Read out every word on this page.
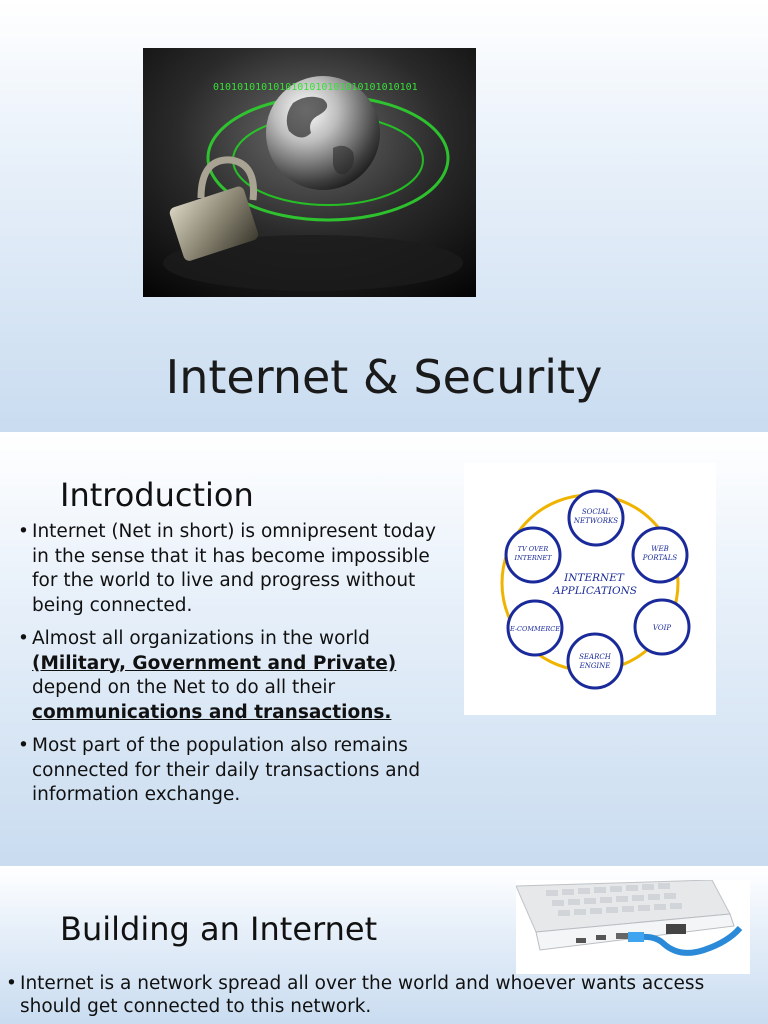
0101010101010101010101010101010101
Internet & Security
Introduction
• Internet (Net in short) is omnipresent today in the sense that it has become impossible for the world to live and progress without being connected.
• Almost all organizations in the world (Military, Government and Private) depend on the Net to do all their communications and transactions.
• Most part of the population also remains connected for their daily transactions and information exchange.
INTERNET
APPLICATIONS
SOCIAL
NETWORKS
WEB
PORTALS
VOIP
SEARCH
ENGINE
E-COMMERCE
TV OVER
INTERNET
Building an Internet
• Internet is a network spread all over the world and whoever wants access should get connected to this network.
